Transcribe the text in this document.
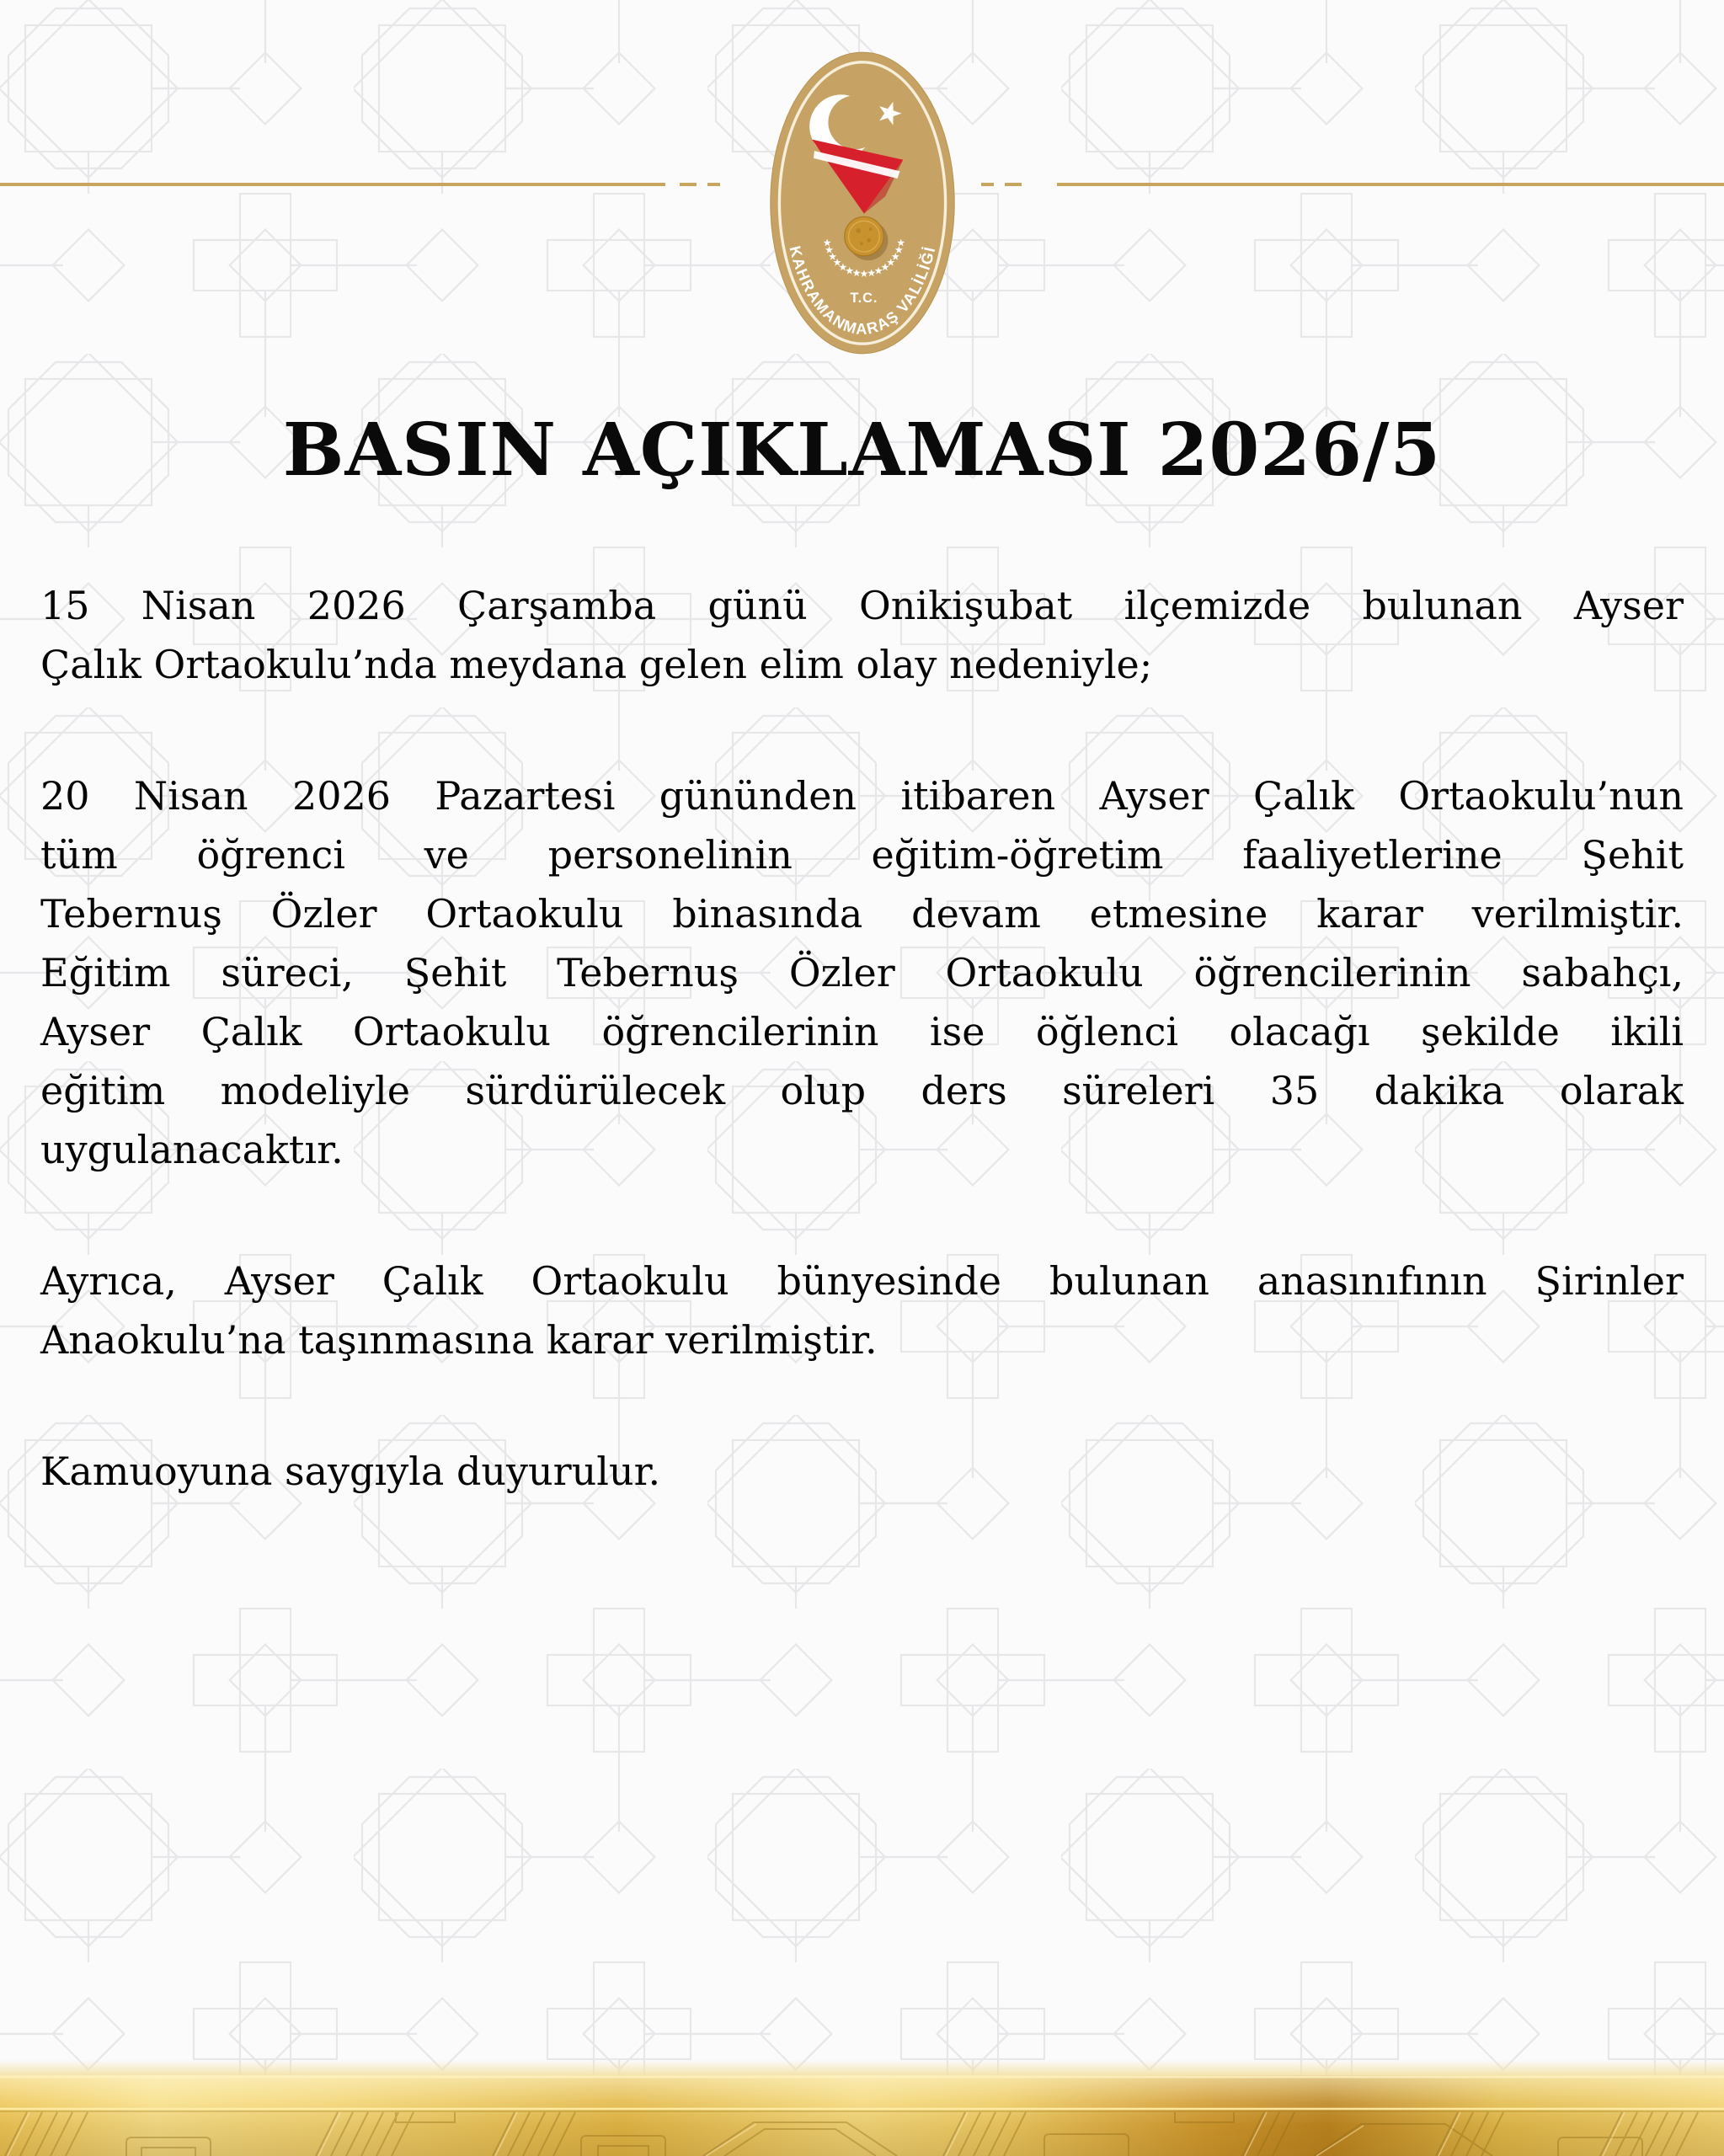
T.C.
KAHRAMANMARAŞ VALİLİĞİ
BASIN AÇIKLAMASI 2026/5
15 Nisan 2026 Çarşamba günü Onikişubat ilçemizde bulunan Ayser
Çalık Ortaokulu’nda meydana gelen elim olay nedeniyle;
20 Nisan 2026 Pazartesi gününden itibaren Ayser Çalık Ortaokulu’nun
tüm öğrenci ve personelinin eğitim-öğretim faaliyetlerine Şehit
Tebernuş Özler Ortaokulu binasında devam etmesine karar verilmiştir.
Eğitim süreci, Şehit Tebernuş Özler Ortaokulu öğrencilerinin sabahçı,
Ayser Çalık Ortaokulu öğrencilerinin ise öğlenci olacağı şekilde ikili
eğitim modeliyle sürdürülecek olup ders süreleri 35 dakika olarak
uygulanacaktır.
Ayrıca, Ayser Çalık Ortaokulu bünyesinde bulunan anasınıfının Şirinler
Anaokulu’na taşınmasına karar verilmiştir.
Kamuoyuna saygıyla duyurulur.
